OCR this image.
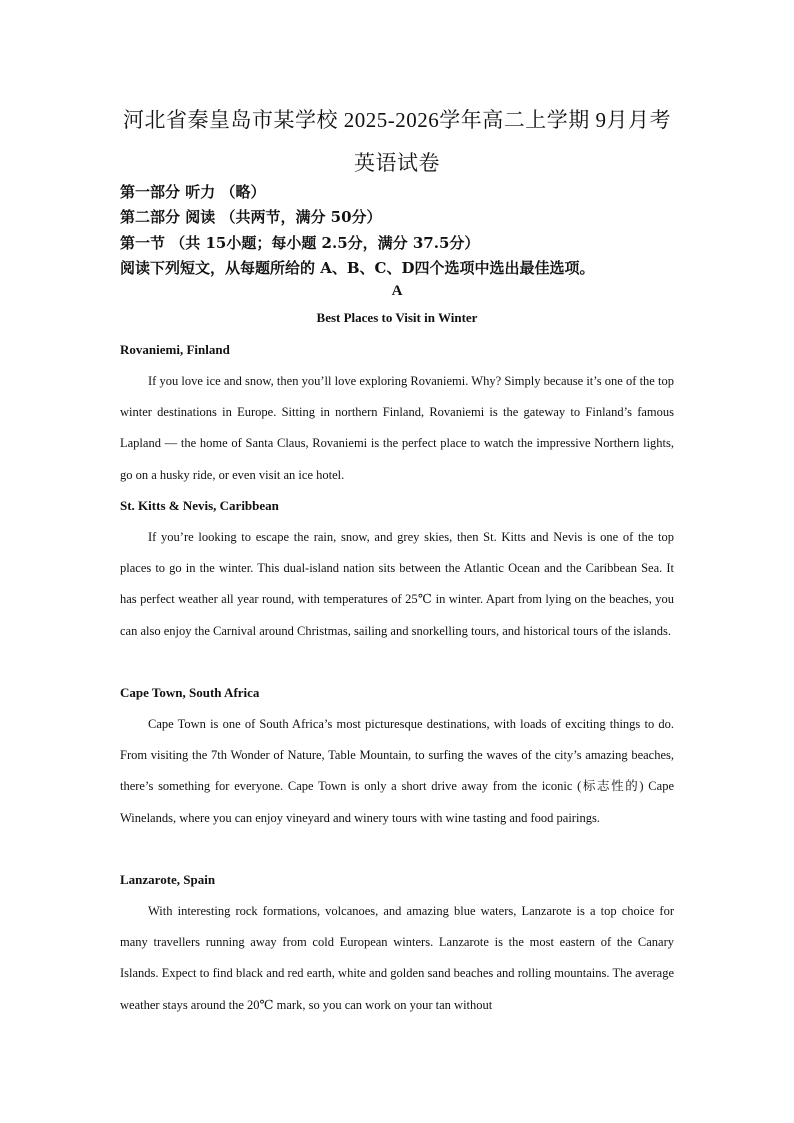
河北省秦皇岛市某学校 2025-2026学年高二上学期 9月月考
英语试卷
第一部分 听力 （略）
第二部分 阅读 （共两节，满分 50分）
第一节 （共 15小题；每小题 2.5分，满分 37.5分）
阅读下列短文，从每题所给的 A、B、C、D四个选项中选出最佳选项。
A
Best Places to Visit in Winter
Rovaniemi, Finland

If you love ice and snow, then you’ll love exploring Rovaniemi. Why? Simply because it’s one of the top winter destinations in Europe. Sitting in northern Finland, Rovaniemi is the gateway to Finland’s famous Lapland — the home of Santa Claus, Rovaniemi is the perfect place to watch the impressive Northern lights, go on a husky ride, or even visit an ice hotel.

St. Kitts & Nevis, Caribbean

If you’re looking to escape the rain, snow, and grey skies, then St. Kitts and Nevis is one of the top places to go in the winter. This dual-island nation sits between the Atlantic Ocean and the Caribbean Sea. It has perfect weather all year round, with temperatures of 25℃ in winter. Apart from lying on the beaches, you can also enjoy the Carnival around Christmas, sailing and snorkelling tours, and historical tours of the islands.

Cape Town, South Africa

Cape Town is one of South Africa’s most picturesque destinations, with loads of exciting things to do. From visiting the 7th Wonder of Nature, Table Mountain, to surfing the waves of the city’s amazing beaches, there’s something for everyone. Cape Town is only a short drive away from the iconic (标志性的) Cape Winelands, where you can enjoy vineyard and winery tours with wine tasting and food pairings.

Lanzarote, Spain

With interesting rock formations, volcanoes, and amazing blue waters, Lanzarote is a top choice for many travellers running away from cold European winters. Lanzarote is the most eastern of the Canary Islands. Expect to find black and red earth, white and golden sand beaches and rolling mountains. The average weather stays around the 20℃ mark, so you can work on your tan without
